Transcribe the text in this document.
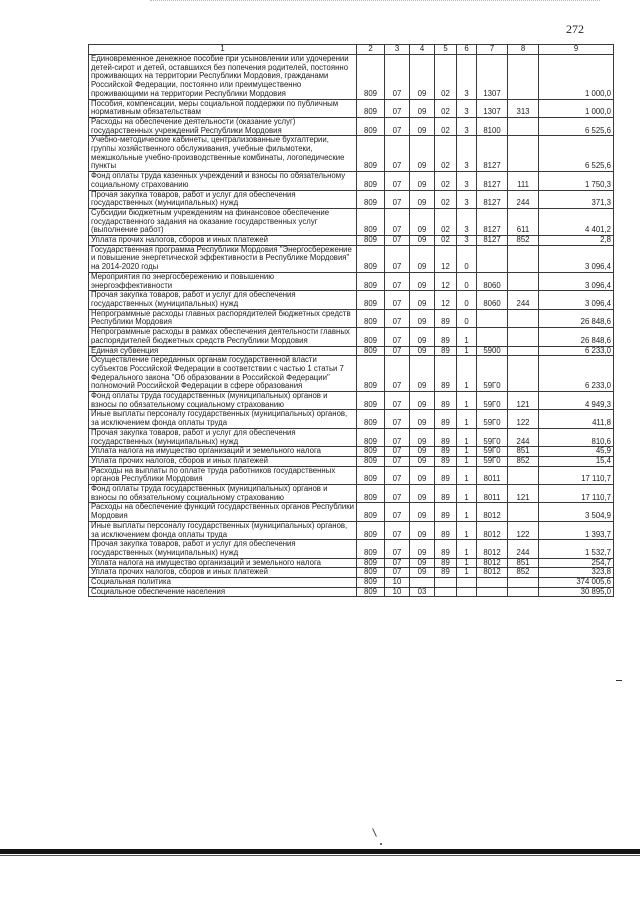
272
1	2	3	4	5	6	7	8	9
Единовременное денежное пособие при усыновлении или удочерении детей-сирот и детей, оставшихся без попечения родителей, постоянно проживающих на территории Республики Мордовия, гражданами Российской Федерации, постоянно или преимущественно проживающими на территории Республики Мордовия	809	07	09	02	3	1307		1 000,0
Пособия, компенсации, меры социальной поддержки по публичным нормативным обязательствам	809	07	09	02	3	1307	313	1 000,0
Расходы на обеспечение деятельности (оказание услуг) государственных учреждений Республики Мордовия	809	07	09	02	3	8100		6 525,6
Учебно-методические кабинеты, централизованные бухгалтерии, группы хозяйственного обслуживания, учебные фильмотеки, межшкольные учебно-производственные комбинаты, логопедические пункты	809	07	09	02	3	8127		6 525,6
Фонд оплаты труда казенных учреждений и взносы по обязательному социальному страхованию	809	07	09	02	3	8127	111	1 750,3
Прочая закупка товаров, работ и услуг для обеспечения государственных (муниципальных) нужд	809	07	09	02	3	8127	244	371,3
Субсидии бюджетным учреждениям на финансовое обеспечение государственного задания на оказание государственных услуг (выполнение работ)	809	07	09	02	3	8127	611	4 401,2
Уплата прочих налогов, сборов и иных платежей	809	07	09	02	3	8127	852	2,8
Государственная программа Республики Мордовия "Энергосбережение и повышение энергетической эффективности в Республике Мордовия" на 2014-2020 годы	809	07	09	12	0			3 096,4
Мероприятия по энергосбережению и повышению энергоэффективности	809	07	09	12	0	8060		3 096,4
Прочая закупка товаров, работ и услуг для обеспечения государственных (муниципальных) нужд	809	07	09	12	0	8060	244	3 096,4
Непрограммные расходы главных распорядителей бюджетных средств Республики Мордовия	809	07	09	89	0			26 848,6
Непрограммные расходы в рамках обеспечения деятельности главных распорядителей бюджетных средств Республики Мордовия	809	07	09	89	1			26 848,6
Единая субвенция	809	07	09	89	1	5900		6 233,0
Осуществление переданных органам государственной власти субъектов Российской Федерации в соответствии с частью 1 статьи 7 Федерального закона "Об образовании в Российской Федерации" полномочий Российской Федерации в сфере образования	809	07	09	89	1	59Г0		6 233,0
Фонд оплаты труда государственных (муниципальных) органов и взносы по обязательному социальному страхованию	809	07	09	89	1	59Г0	121	4 949,3
Иные выплаты персоналу государственных (муниципальных) органов, за исключением фонда оплаты труда	809	07	09	89	1	59Г0	122	411,8
Прочая закупка товаров, работ и услуг для обеспечения государственных (муниципальных) нужд	809	07	09	89	1	59Г0	244	810,6
Уплата налога на имущество организаций и земельного налога	809	07	09	89	1	59Г0	851	45,9
Уплата прочих налогов, сборов и иных платежей	809	07	09	89	1	59Г0	852	15,4
Расходы на выплаты по оплате труда работников государственных органов Республики Мордовия	809	07	09	89	1	8011		17 110,7
Фонд оплаты труда государственных (муниципальных) органов и взносы по обязательному социальному страхованию	809	07	09	89	1	8011	121	17 110,7
Расходы на обеспечение функций государственных органов Республики Мордовия	809	07	09	89	1	8012		3 504,9
Иные выплаты персоналу государственных (муниципальных) органов, за исключением фонда оплаты труда	809	07	09	89	1	8012	122	1 393,7
Прочая закупка товаров, работ и услуг для обеспечения государственных (муниципальных) нужд	809	07	09	89	1	8012	244	1 532,7
Уплата налога на имущество организаций и земельного налога	809	07	09	89	1	8012	851	254,7
Уплата прочих налогов, сборов и иных платежей	809	07	09	89	1	8012	852	323,8
Социальная политика	809	10						374 005,6
Социальное обеспечение населения	809	10	03					30 895,0
